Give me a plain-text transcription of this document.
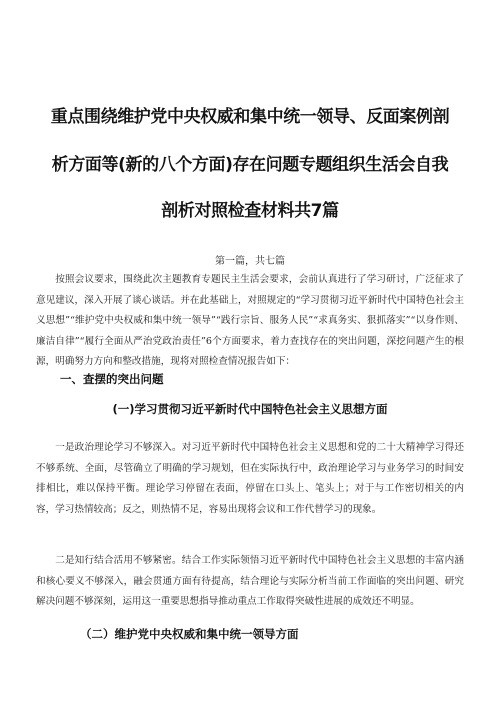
重点围绕维护党中央权威和集中统一领导、反面案例剖
析方面等(新的八个方面)存在问题专题组织生活会自我
剖析对照检查材料共7篇
第一篇，共七篇

按照会议要求，围绕此次主题教育专题民主生活会要求，会前认真进行了学习研讨，广泛征求了意见建议，深入开展了谈心谈话。并在此基础上，对照规定的“学习贯彻习近平新时代中国特色社会主义思想”“维护党中央权威和集中统一领导”“践行宗旨、服务人民”“求真务实、狠抓落实”“以身作则、廉洁自律”“履行全面从严治党政治责任”6个方面要求，着力查找存在的突出问题，深挖问题产生的根源，明确努力方向和整改措施，现将对照检查情况报告如下：

一、查摆的突出问题
(一)学习贯彻习近平新时代中国特色社会主义思想方面

一是政治理论学习不够深入。对习近平新时代中国特色社会主义思想和党的二十大精神学习得还不够系统、全面，尽管确立了明确的学习规划，但在实际执行中，政治理论学习与业务学习的时间安排相比，难以保持平衡。理论学习停留在表面，停留在口头上、笔头上；对于与工作密切相关的内容，学习热情较高；反之，则热情不足，容易出现将会议和工作代替学习的现象。

二是知行结合活用不够紧密。结合工作实际领悟习近平新时代中国特色社会主义思想的丰富内涵和核心要义不够深入，融会贯通方面有待提高，结合理论与实际分析当前工作面临的突出问题、研究解决问题不够深刻，运用这一重要思想指导推动重点工作取得突破性进展的成效还不明显。

（二）维护党中央权威和集中统一领导方面
